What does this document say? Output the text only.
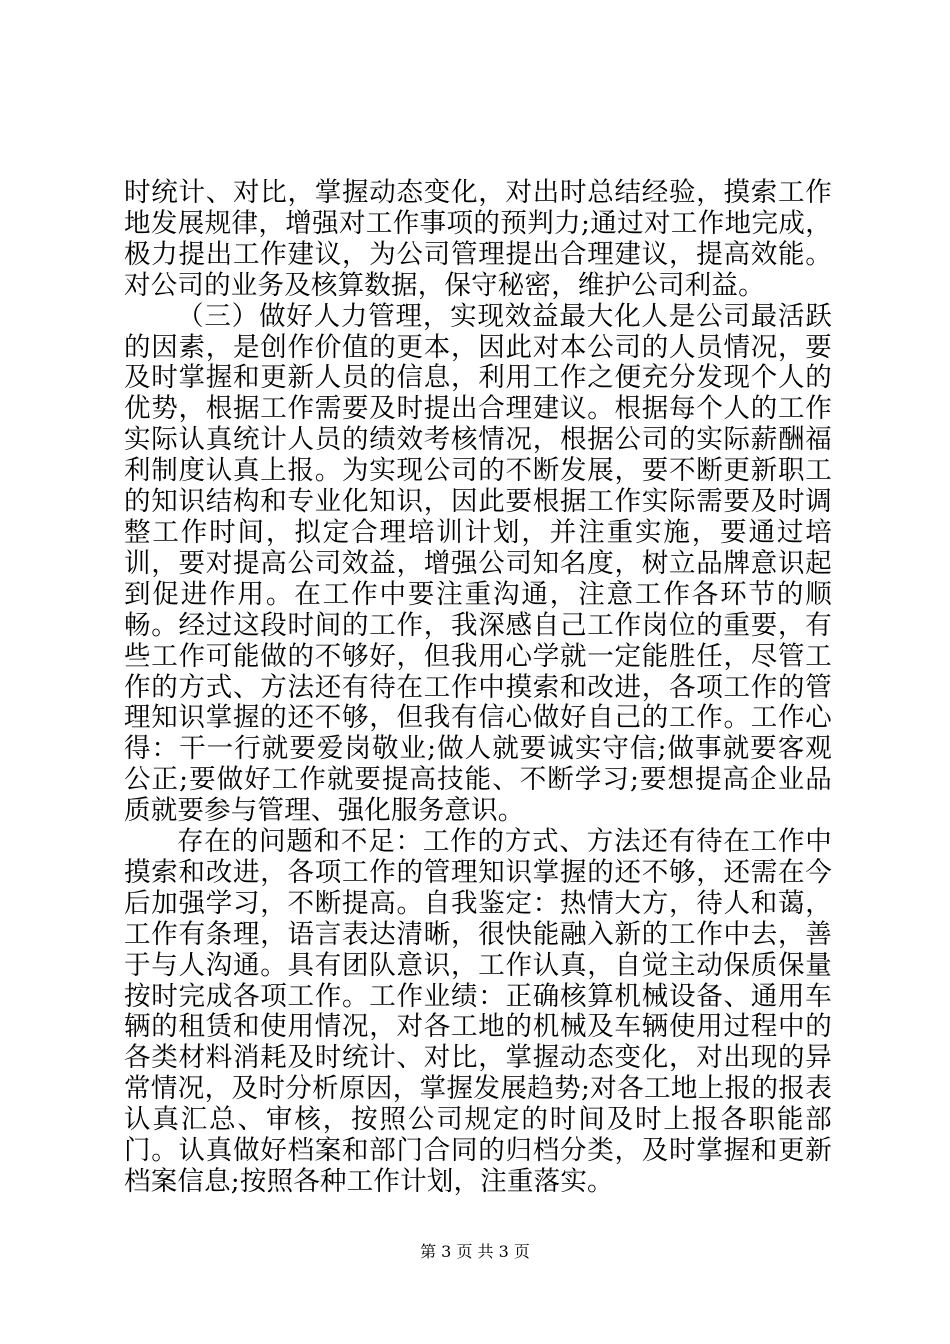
时统计、对比，掌握动态变化，对出时总结经验，摸索工作地发展规律，增强对工作事项的预判力;通过对工作地完成，极力提出工作建议，为公司管理提出合理建议，提高效能。对公司的业务及核算数据，保守秘密，维护公司利益。

（三）做好人力管理，实现效益最大化人是公司最活跃的因素，是创作价值的更本，因此对本公司的人员情况，要及时掌握和更新人员的信息，利用工作之便充分发现个人的优势，根据工作需要及时提出合理建议。根据每个人的工作实际认真统计人员的绩效考核情况，根据公司的实际薪酬福利制度认真上报。为实现公司的不断发展，要不断更新职工的知识结构和专业化知识，因此要根据工作实际需要及时调整工作时间，拟定合理培训计划，并注重实施，要通过培训，要对提高公司效益，增强公司知名度，树立品牌意识起到促进作用。在工作中要注重沟通，注意工作各环节的顺畅。经过这段时间的工作，我深感自己工作岗位的重要，有些工作可能做的不够好，但我用心学就一定能胜任，尽管工作的方式、方法还有待在工作中摸索和改进，各项工作的管理知识掌握的还不够，但我有信心做好自己的工作。工作心得：干一行就要爱岗敬业;做人就要诚实守信;做事就要客观公正;要做好工作就要提高技能、不断学习;要想提高企业品质就要参与管理、强化服务意识。

存在的问题和不足：工作的方式、方法还有待在工作中摸索和改进，各项工作的管理知识掌握的还不够，还需在今后加强学习，不断提高。自我鉴定：热情大方，待人和蔼，工作有条理，语言表达清晰，很快能融入新的工作中去，善于与人沟通。具有团队意识，工作认真，自觉主动保质保量按时完成各项工作。工作业绩：正确核算机械设备、通用车辆的租赁和使用情况，对各工地的机械及车辆使用过程中的各类材料消耗及时统计、对比，掌握动态变化，对出现的异常情况，及时分析原因，掌握发展趋势;对各工地上报的报表认真汇总、审核，按照公司规定的时间及时上报各职能部门。认真做好档案和部门合同的归档分类，及时掌握和更新档案信息;按照各种工作计划，注重落实。

第 3 页 共 3 页
